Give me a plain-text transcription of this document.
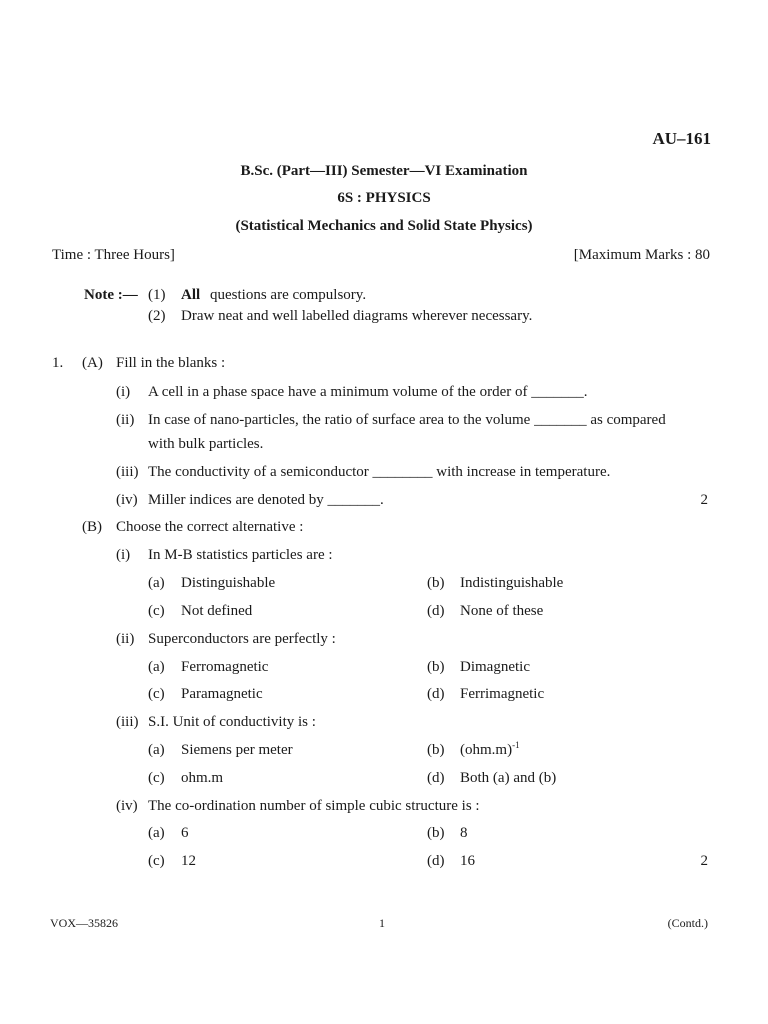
AU–161
B.Sc. (Part—III) Semester—VI Examination
6S : PHYSICS
(Statistical Mechanics and Solid State Physics)
Time : Three Hours]	[Maximum Marks : 80
Note :— (1) All questions are compulsory.
(2) Draw neat and well labelled diagrams wherever necessary.
1. (A) Fill in the blanks :
(i) A cell in a phase space have a minimum volume of the order of _______.
(ii) In case of nano-particles, the ratio of surface area to the volume _______ as compared
with bulk particles.
(iii) The conductivity of a semiconductor ________ with increase in temperature.
(iv) Miller indices are denoted by _______.	2
(B) Choose the correct alternative :
(i) In M-B statistics particles are :
(a) Distinguishable	(b) Indistinguishable
(c) Not defined	(d) None of these
(ii) Superconductors are perfectly :
(a) Ferromagnetic	(b) Dimagnetic
(c) Paramagnetic	(d) Ferrimagnetic
(iii) S.I. Unit of conductivity is :
(a) Siemens per meter	(b) $(ohm.m)^{-1}$
(c) ohm.m	(d) Both (a) and (b)
(iv) The co-ordination number of simple cubic structure is :
(a) 6	(b) 8
(c) 12	(d) 16	2
VOX—35826	1	(Contd.)
